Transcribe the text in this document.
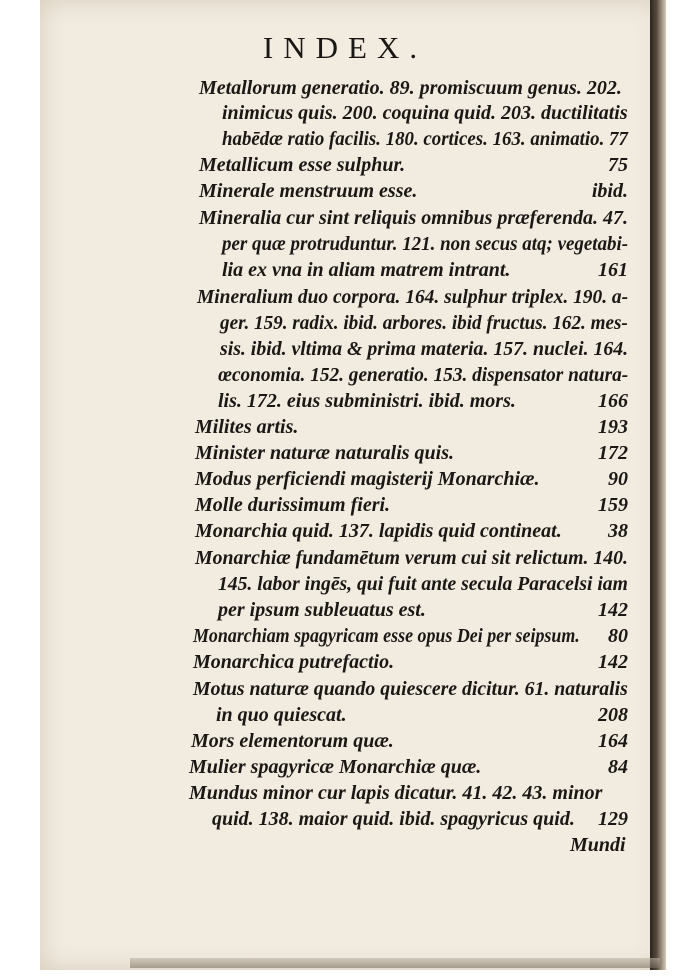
INDEX.
Metallorum generatio. 89. promiscuum genus. 202.
inimicus quis. 200. coquina quid. 203. ductilitatis
habēdæ ratio facilis. 180. cortices. 163. animatio. 77
Metallicum esse sulphur.	75
Minerale menstruum esse.	ibid.
Mineralia cur sint reliquis omnibus præferenda. 47.
per quæ protruduntur. 121. non secus atq; vegetabi-
lia ex vna in aliam matrem intrant.	161
Mineralium duo corpora. 164. sulphur triplex. 190. a-
ger. 159. radix. ibid. arbores. ibid fructus. 162. mes-
sis. ibid. vltima & prima materia. 157. nuclei. 164.
œconomia. 152. generatio. 153. dispensator natura-
lis. 172. eius subministri. ibid. mors.	166
Milites artis.	193
Minister naturæ naturalis quis.	172
Modus perficiendi magisterij Monarchiæ.	90
Molle durissimum fieri.	159
Monarchia quid. 137. lapidis quid contineat. 38
Monarchiæ fundamētum verum cui sit relictum. 140.
145. labor ingēs, qui fuit ante secula Paracelsi iam
per ipsum subleuatus est.	142
Monarchiam spagyricam esse opus Dei per seipsum. 80
Monarchica putrefactio.	142
Motus naturæ quando quiescere dicitur. 61. naturalis
in quo quiescat.	208
Mors elementorum quæ.	164
Mulier spagyricæ Monarchiæ quæ.	84
Mundus minor cur lapis dicatur. 41. 42. 43. minor
quid. 138. maior quid. ibid. spagyricus quid. 129
Mundi
